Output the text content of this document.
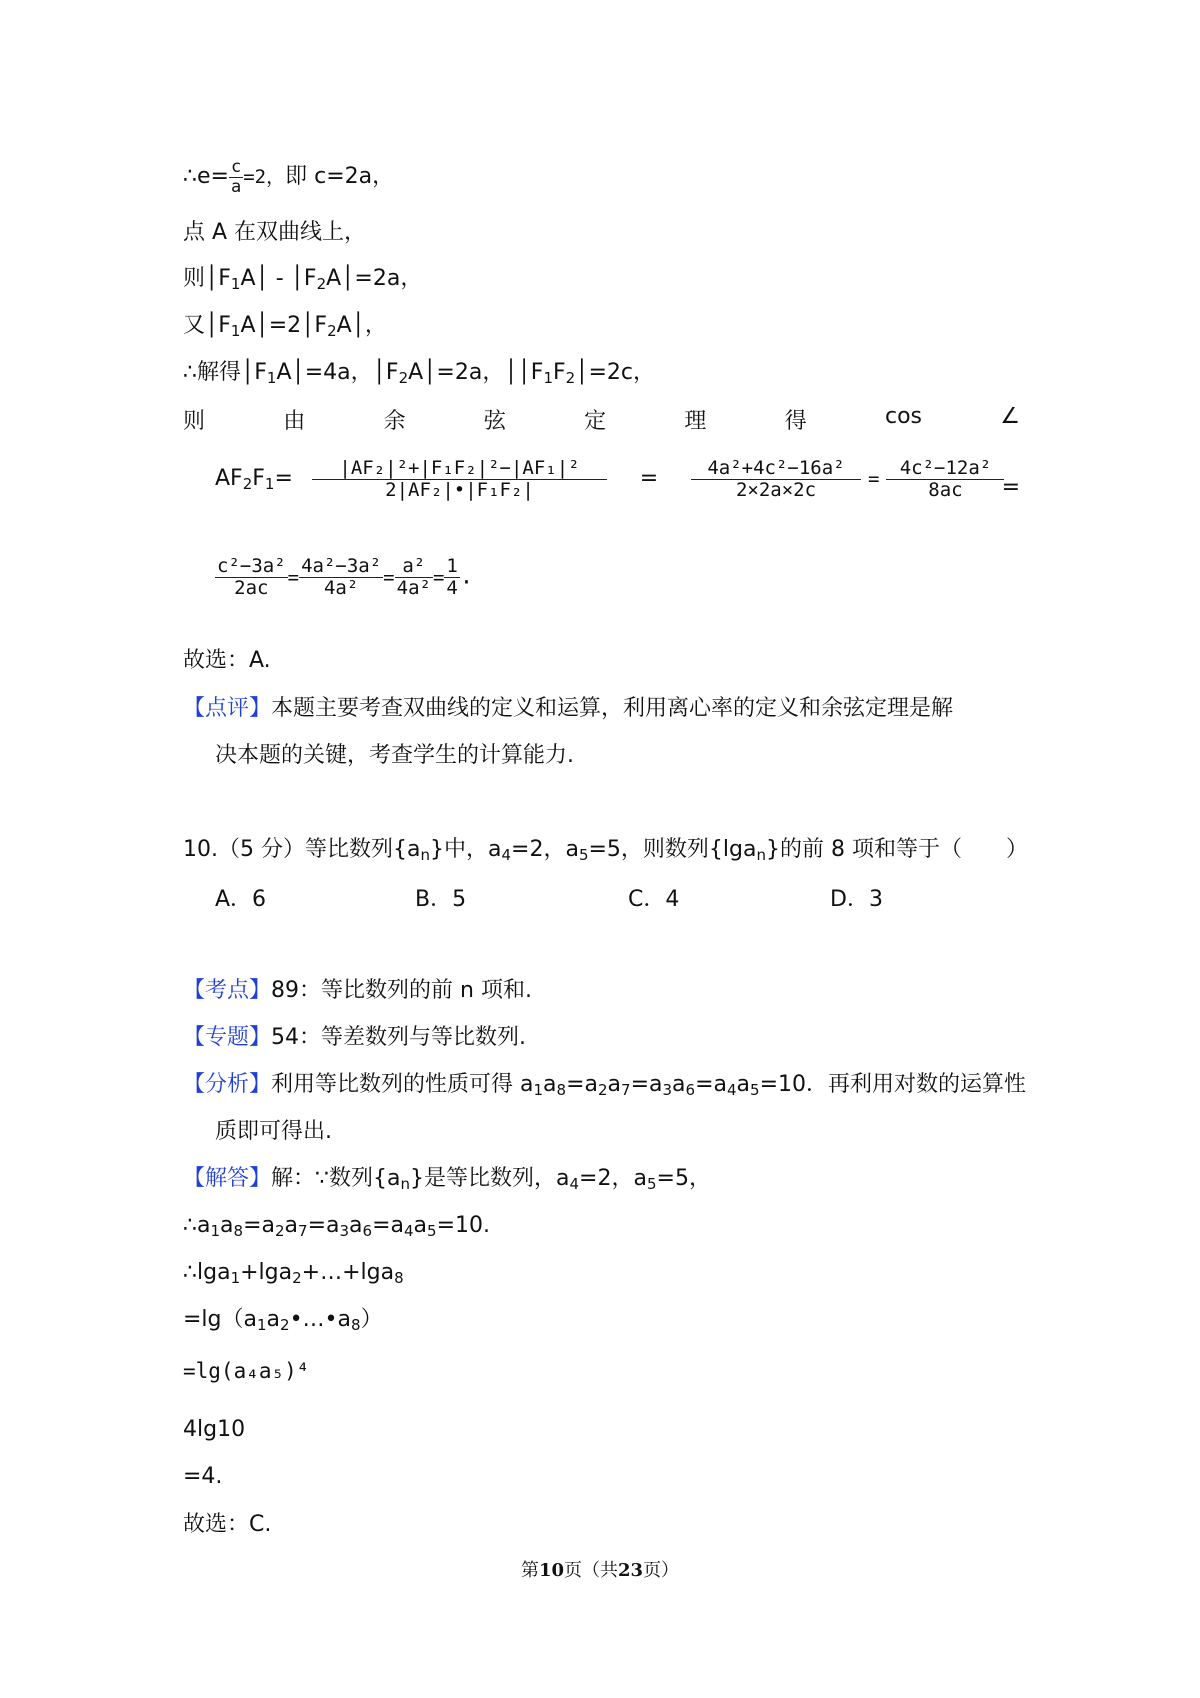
∴e= $\frac{c}{a} =2$，即 c=2a，
点 A 在双曲线上，
则$│F_1A│$ - $│F_2A│=2a$，
又$│F_1A│=2│F_2A│$，
∴解得$│F_1A│=4a$，$│F_2A│=2a$，$││F_1F_2│=2c$，
则	由	余	弦	定	理	得	cos	∠
$AF_2F_1= \frac{\text{|AF₂|²+|F₁F₂|²−|AF₁|²}}{\text{2|AF₂|•|F₁F₂|}} = \frac{\text{4a²+4c²−16a²}}{2\times 2a\times 2c} = \frac{\text{4c²−12a²}}{8ac}$
=
$\frac{\text{c²−3a²}}{2ac} = \frac{\text{4a²−3a²}}{\text{4a²}} = \frac{\text{a²}}{\text{4a²}} = \frac{1}{4}$ .
故选：A.
【点评】本题主要考查双曲线的定义和运算，利用离心率的定义和余弦定理是解
决本题的关键，考查学生的计算能力.
10.（5 分）等比数列$\{a_n\}$中，$a_4=2$，$a_5=5$，则数列{lga$_n$}的前 8 项和等于（　　）
A．6	B．5	C．4	D．3
【考点】89：等比数列的前 n 项和.
【专题】54：等差数列与等比数列.
【分析】利用等比数列的性质可得 $a_1a_8=a_2a_7=a_3a_6=a_4a_5=10$．再利用对数的运算性
质即可得出.
【解答】解：∵数列$\{a_n\}$是等比数列，$a_4=2$，$a_5=5$，
$\therefore a_1a_8=a_2a_7=a_3a_6=a_4a_5=10$.
∴lga$_1$+lga$_2$+…+lga$_8$
$=\lg(a_1a_2•\dots•a_8)$
=lg(a₄a₅)⁴
4lg10
=4.
故选：C.
第10页（共23页）
